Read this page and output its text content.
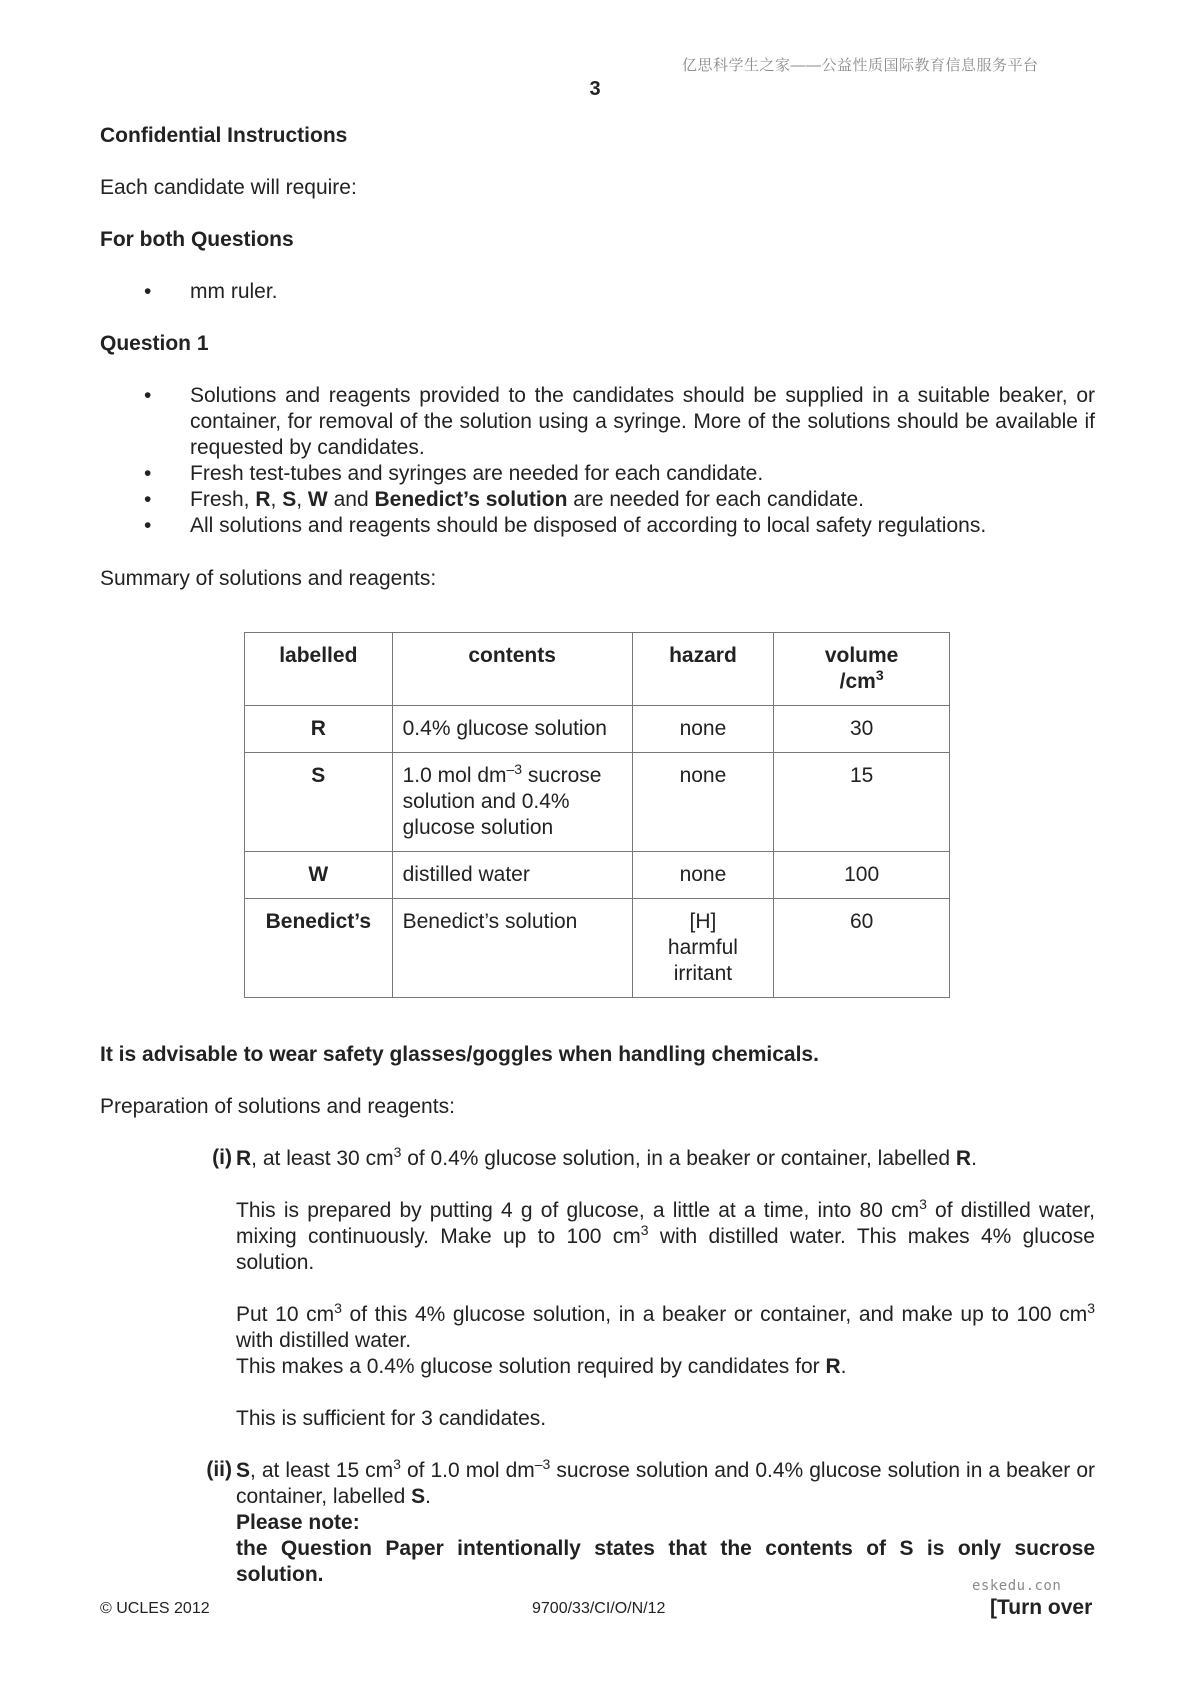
亿思科学生之家——公益性质国际教育信息服务平台
3
Confidential Instructions
Each candidate will require:
For both Questions
• mm ruler.
Question 1
• Solutions and reagents provided to the candidates should be supplied in a suitable beaker, or container, for removal of the solution using a syringe. More of the solutions should be available if requested by candidates.
• Fresh test-tubes and syringes are needed for each candidate.
• Fresh, R, S, W and Benedict’s solution are needed for each candidate.
• All solutions and reagents should be disposed of according to local safety regulations.
Summary of solutions and reagents:
labelled	contents	hazard	volume
$/cm^3$
R	0.4% glucose solution	none	30
S	1.0 mol $dm^{-3}$ sucrose solution and 0.4% glucose solution	none	15
W	distilled water	none	100
Benedict’s	Benedict’s solution	[H]
harmful
irritant	60
It is advisable to wear safety glasses/goggles when handling chemicals.
Preparation of solutions and reagents:
(i) R, at least 30 $cm^3$ of 0.4% glucose solution, in a beaker or container, labelled R.
This is prepared by putting 4 g of glucose, a little at a time, into 80 $cm^3$ of distilled water, mixing continuously. Make up to 100 $cm^3$ with distilled water. This makes 4% glucose solution.
Put 10 $cm^3$ of this 4% glucose solution, in a beaker or container, and make up to 100 $cm^3$ with distilled water.
This makes a 0.4% glucose solution required by candidates for R.
This is sufficient for 3 candidates.
(ii) S, at least 15 $cm^3$ of 1.0 mol $dm^{-3}$ sucrose solution and 0.4% glucose solution in a beaker or container, labelled S.
Please note:
the Question Paper intentionally states that the contents of S is only sucrose solution.	eskedu.con
© UCLES 2012	9700/33/CI/O/N/12	[Turn over
